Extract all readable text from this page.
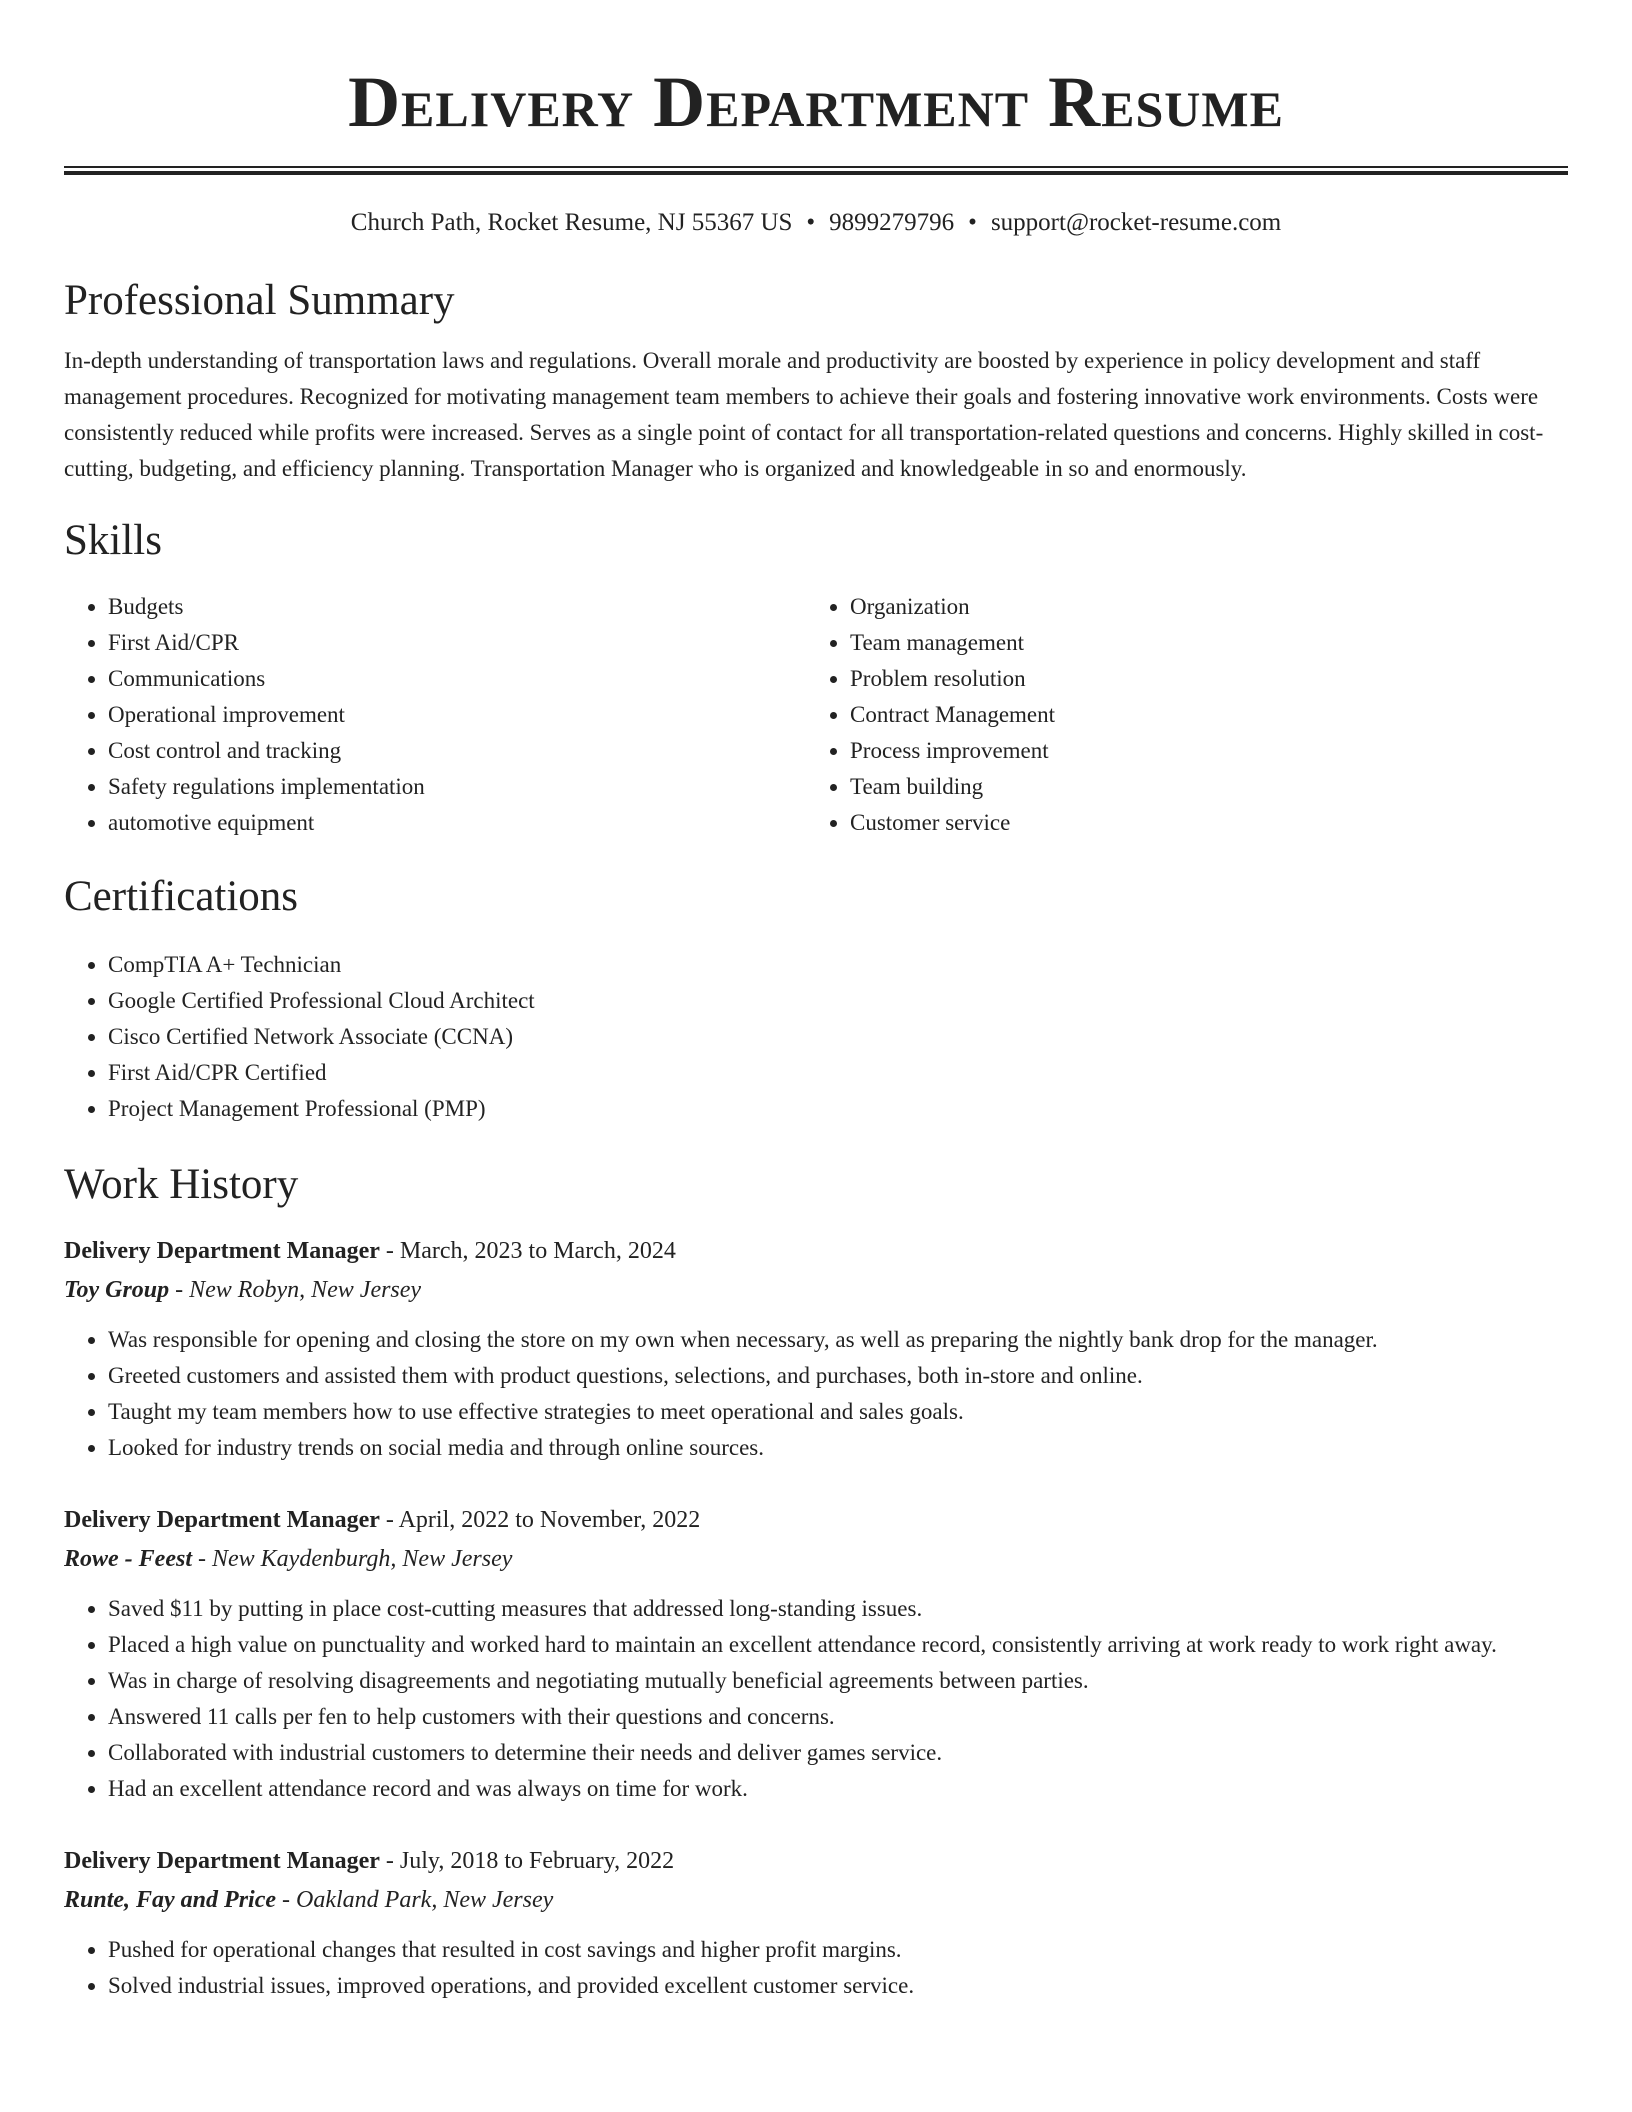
Delivery Department Resume
Church Path, Rocket Resume, NJ 55367 US • 9899279796 • support@rocket-resume.com
Professional Summary

In-depth understanding of transportation laws and regulations. Overall morale and productivity are boosted by experience in policy development and staff management procedures. Recognized for motivating management team members to achieve their goals and fostering innovative work environments. Costs were consistently reduced while profits were increased. Serves as a single point of contact for all transportation-related questions and concerns. Highly skilled in cost-cutting, budgeting, and efficiency planning. Transportation Manager who is organized and knowledgeable in so and enormously.

Skills
• Budgets
• First Aid/CPR
• Communications
• Operational improvement
• Cost control and tracking
• Safety regulations implementation
• automotive equipment
• Organization
• Team management
• Problem resolution
• Contract Management
• Process improvement
• Team building
• Customer service
Certifications
• CompTIA A+ Technician
• Google Certified Professional Cloud Architect
• Cisco Certified Network Associate (CCNA)
• First Aid/CPR Certified
• Project Management Professional (PMP)
Work History
Delivery Department Manager - March, 2023 to March, 2024
Toy Group - New Robyn, New Jersey
• Was responsible for opening and closing the store on my own when necessary, as well as preparing the nightly bank drop for the manager.
• Greeted customers and assisted them with product questions, selections, and purchases, both in-store and online.
• Taught my team members how to use effective strategies to meet operational and sales goals.
• Looked for industry trends on social media and through online sources.
Delivery Department Manager - April, 2022 to November, 2022
Rowe - Feest - New Kaydenburgh, New Jersey
• Saved $11 by putting in place cost-cutting measures that addressed long-standing issues.
• Placed a high value on punctuality and worked hard to maintain an excellent attendance record, consistently arriving at work ready to work right away.
• Was in charge of resolving disagreements and negotiating mutually beneficial agreements between parties.
• Answered 11 calls per fen to help customers with their questions and concerns.
• Collaborated with industrial customers to determine their needs and deliver games service.
• Had an excellent attendance record and was always on time for work.
Delivery Department Manager - July, 2018 to February, 2022
Runte, Fay and Price - Oakland Park, New Jersey
• Pushed for operational changes that resulted in cost savings and higher profit margins.
• Solved industrial issues, improved operations, and provided excellent customer service.
